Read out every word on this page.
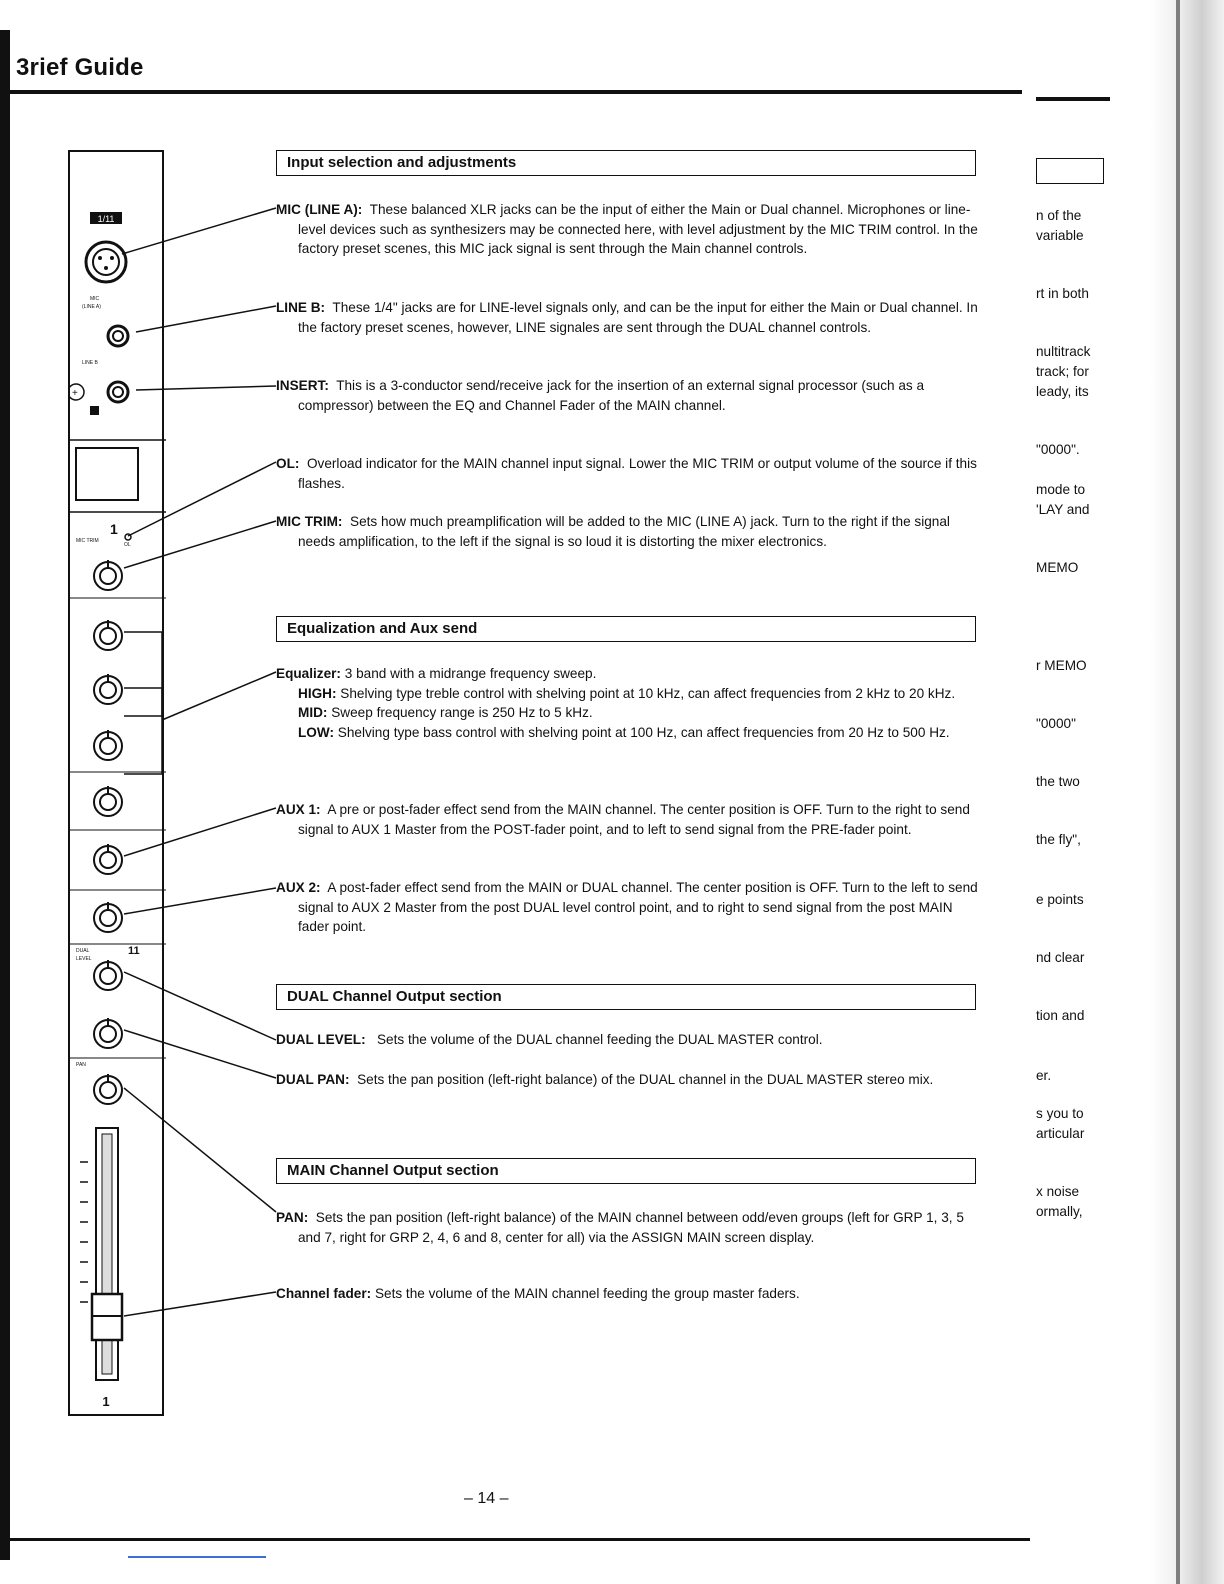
3rief Guide
1/11
MIC
(LINE A)
LINE B
+
1
MIC TRIM
OL
11
DUAL
LEVEL
PAN
1
Input selection and adjustments
MIC (LINE A): These balanced XLR jacks can be the input of either the Main or Dual channel. Microphones or line-level devices such as synthesizers may be connected here, with level adjustment by the MIC TRIM control. In the factory preset scenes, this MIC jack signal is sent through the Main channel controls.
LINE B: These 1/4" jacks are for LINE-level signals only, and can be the input for either the Main or Dual channel. In the factory preset scenes, however, LINE signales are sent through the DUAL channel controls.
INSERT: This is a 3-conductor send/receive jack for the insertion of an external signal processor (such as a compressor) between the EQ and Channel Fader of the MAIN channel.
OL: Overload indicator for the MAIN channel input signal. Lower the MIC TRIM or output volume of the source if this flashes.
MIC TRIM: Sets how much preamplification will be added to the MIC (LINE A) jack. Turn to the right if the signal needs amplification, to the left if the signal is so loud it is distorting the mixer electronics.
Equalization and Aux send
Equalizer: 3 band with a midrange frequency sweep.
HIGH: Shelving type treble control with shelving point at 10 kHz, can affect frequencies from 2 kHz to 20 kHz.
MID: Sweep frequency range is 250 Hz to 5 kHz.
LOW: Shelving type bass control with shelving point at 100 Hz, can affect frequencies from 20 Hz to 500 Hz.
AUX 1: A pre or post-fader effect send from the MAIN channel. The center position is OFF. Turn to the right to send signal to AUX 1 Master from the POST-fader point, and to left to send signal from the PRE-fader point.
AUX 2: A post-fader effect send from the MAIN or DUAL channel. The center position is OFF. Turn to the left to send signal to AUX 2 Master from the post DUAL level control point, and to right to send signal from the post MAIN fader point.
DUAL Channel Output section
DUAL LEVEL: Sets the volume of the DUAL channel feeding the DUAL MASTER control.
DUAL PAN: Sets the pan position (left-right balance) of the DUAL channel in the DUAL MASTER stereo mix.
MAIN Channel Output section
PAN: Sets the pan position (left-right balance) of the MAIN channel between odd/even groups (left for GRP 1, 3, 5 and 7, right for GRP 2, 4, 6 and 8, center for all) via the ASSIGN MAIN screen display.
Channel fader: Sets the volume of the MAIN channel feeding the group master faders.
– 14 –
n of the
variable
rt in both
nultitrack
track; for
leady, its
"0000".
mode to
'LAY and
MEMO
r MEMO
"0000"
the two
the fly",
e points
nd clear
tion and
er.
s you to
articular
x noise
ormally,
